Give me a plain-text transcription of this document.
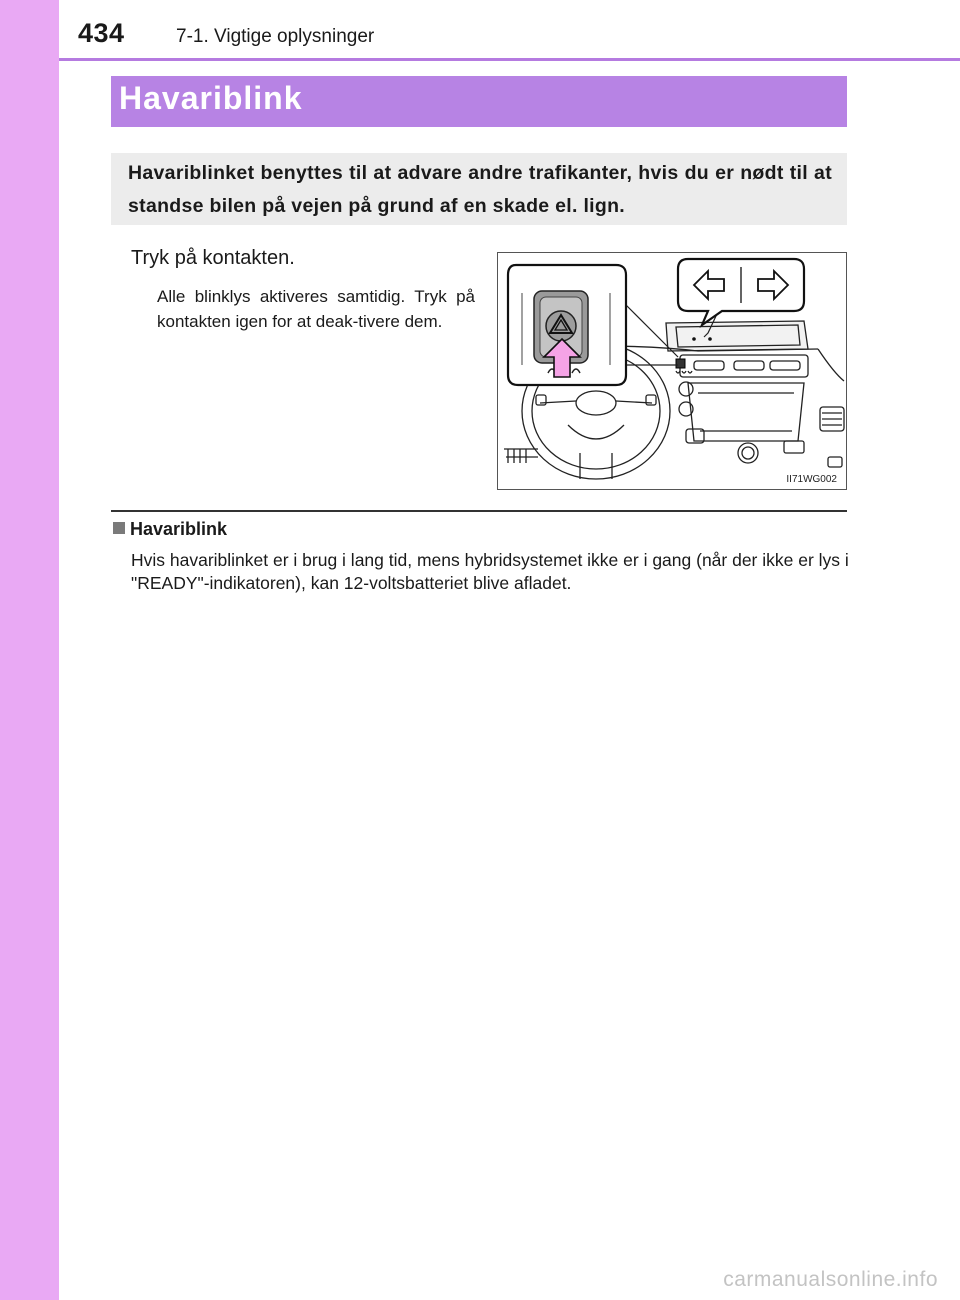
434	7-1. Vigtige oplysninger
Havariblink
Havariblinket benyttes til at advare andre trafikanter, hvis du er nødt til at standse bilen på vejen på grund af en skade el. lign.
Tryk på kontakten.
Alle blinklys aktiveres samtidig. Tryk på kontakten igen for at deak-tivere dem.
II71WG002
Havariblink
Hvis havariblinket er i brug i lang tid, mens hybridsystemet ikke er i gang (når der ikke er lys i "READY"-indikatoren), kan 12-voltsbatteriet blive afladet.
carmanualsonline.info
